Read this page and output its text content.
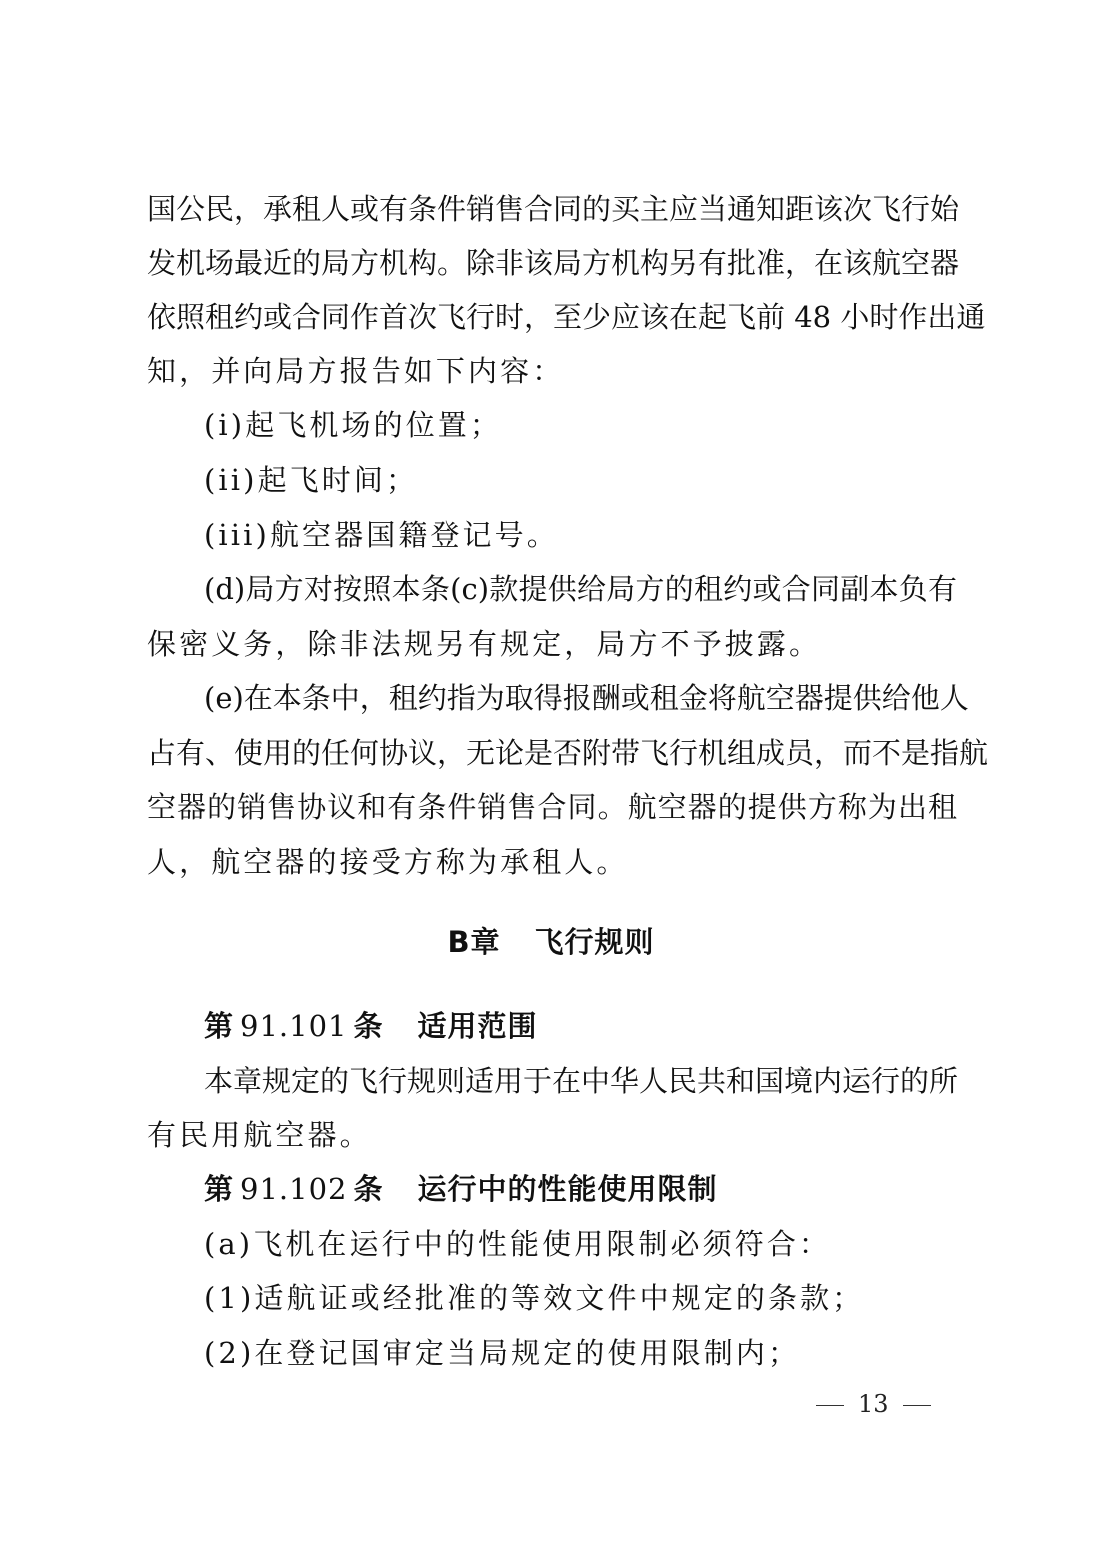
国公民，承租人或有条件销售合同的买主应当通知距该次飞行始
发机场最近的局方机构。除非该局方机构另有批准，在该航空器
依照租约或合同作首次飞行时，至少应该在起飞前 48 小时作出通
知，并向局方报告如下内容：
(i)起飞机场的位置；
(ii)起飞时间；
(iii)航空器国籍登记号。
(d)局方对按照本条(c)款提供给局方的租约或合同副本负有
保密义务，除非法规另有规定，局方不予披露。
(e)在本条中，租约指为取得报酬或租金将航空器提供给他人
占有、使用的任何协议，无论是否附带飞行机组成员，而不是指航
空器的销售协议和有条件销售合同。航空器的提供方称为出租
人，航空器的接受方称为承租人。
B章 飞行规则
第 91.101 条 适用范围
本章规定的飞行规则适用于在中华人民共和国境内运行的所
有民用航空器。
第 91.102 条 运行中的性能使用限制
(a)飞机在运行中的性能使用限制必须符合：
(1)适航证或经批准的等效文件中规定的条款；
(2)在登记国审定当局规定的使用限制内；
13
